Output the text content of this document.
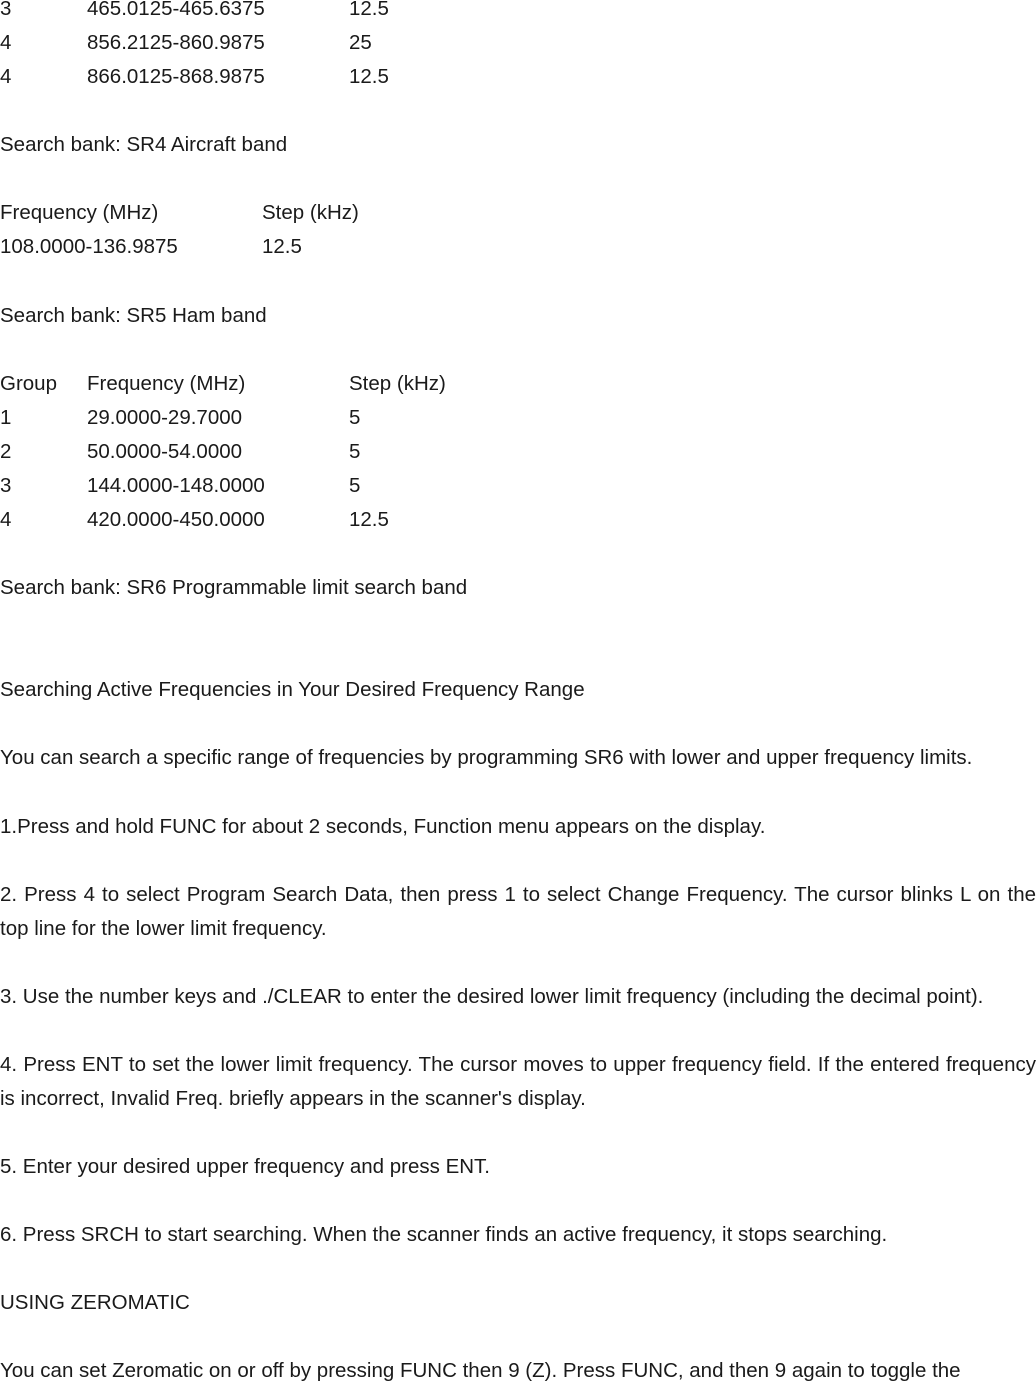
3	465.0125-465.6375	12.5
4	856.2125-860.9875	25
4	866.0125-868.9875	12.5
Search bank: SR4 Aircraft band
Frequency (MHz)	Step (kHz)
108.0000-136.9875	12.5
Search bank: SR5 Ham band
Group Frequency (MHz)	Step (kHz)
1	29.0000-29.7000	5
2	50.0000-54.0000	5
3	144.0000-148.0000	5
4	420.0000-450.0000	12.5
Search bank: SR6 Programmable limit search band
Searching Active Frequencies in Your Desired Frequency Range
You can search a specific range of frequencies by programming SR6 with lower and upper frequency limits.
1.Press and hold FUNC for about 2 seconds, Function menu appears on the display.
2. Press 4 to select Program Search Data, then press 1 to select Change Frequency. The cursor blinks L on the top line for the lower limit frequency.
3. Use the number keys and ./CLEAR to enter the desired lower limit frequency (including the decimal point).
4. Press ENT to set the lower limit frequency. The cursor moves to upper frequency field. If the entered frequency is incorrect, Invalid Freq. briefly appears in the scanner's display.
5. Enter your desired upper frequency and press ENT.
6. Press SRCH to start searching. When the scanner finds an active frequency, it stops searching.
USING ZEROMATIC
You can set Zeromatic on or off by pressing FUNC then 9 (Z). Press FUNC, and then 9 again to toggle the
